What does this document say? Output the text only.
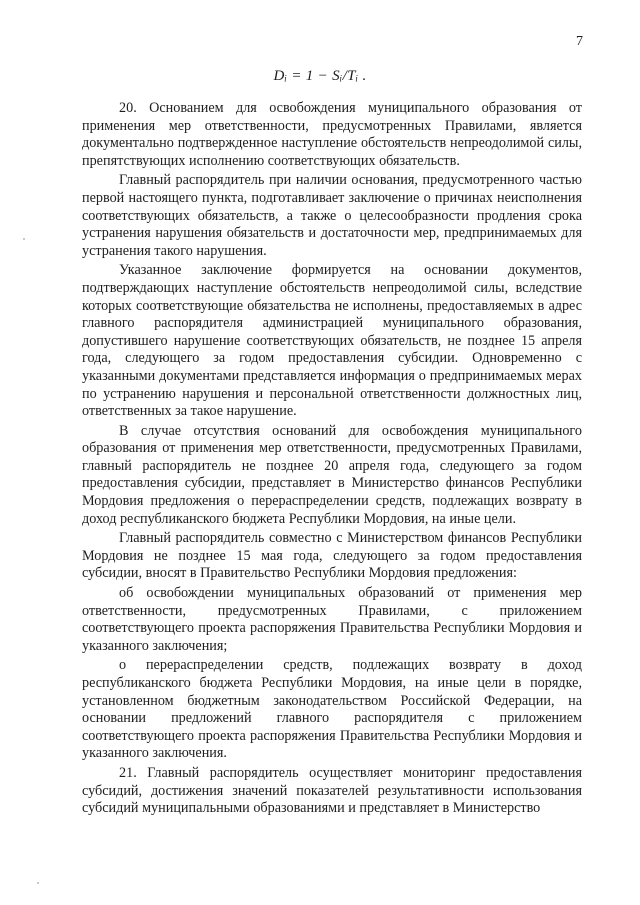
7
Dᵢ = 1 − Sᵢ/Tᵢ .

20. Основанием для освобождения муниципального образования от применения мер ответственности, предусмотренных Правилами, является документально подтвержденное наступление обстоятельств непреодолимой силы, препятствующих исполнению соответствующих обязательств.

Главный распорядитель при наличии основания, предусмотренного частью первой настоящего пункта, подготавливает заключение о причинах неисполнения соответствующих обязательств, а также о целесообразности продления срока устранения нарушения обязательств и достаточности мер, предпринимаемых для устранения такого нарушения.

Указанное заключение формируется на основании документов, подтверждающих наступление обстоятельств непреодолимой силы, вследствие которых соответствующие обязательства не исполнены, предоставляемых в адрес главного распорядителя администрацией муниципального образования, допустившего нарушение соответствующих обязательств, не позднее 15 апреля года, следующего за годом предоставления субсидии. Одновременно с указанными документами представляется информация о предпринимаемых мерах по устранению нарушения и персональной ответственности должностных лиц, ответственных за такое нарушение.

В случае отсутствия оснований для освобождения муниципального образования от применения мер ответственности, предусмотренных Правилами, главный распорядитель не позднее 20 апреля года, следующего за годом предоставления субсидии, представляет в Министерство финансов Республики Мордовия предложения о перераспределении средств, подлежащих возврату в доход республиканского бюджета Республики Мордовия, на иные цели.

Главный распорядитель совместно с Министерством финансов Республики Мордовия не позднее 15 мая года, следующего за годом предоставления субсидии, вносят в Правительство Республики Мордовия предложения:

об освобождении муниципальных образований от применения мер ответственности, предусмотренных Правилами, с приложением соответствующего проекта распоряжения Правительства Республики Мордовия и указанного заключения;

о перераспределении средств, подлежащих возврату в доход республиканского бюджета Республики Мордовия, на иные цели в порядке, установленном бюджетным законодательством Российской Федерации, на основании предложений главного распорядителя с приложением соответствующего проекта распоряжения Правительства Республики Мордовия и указанного заключения.

21. Главный распорядитель осуществляет мониторинг предоставления субсидий, достижения значений показателей результативности использования субсидий муниципальными образованиями и представляет в Министерство
